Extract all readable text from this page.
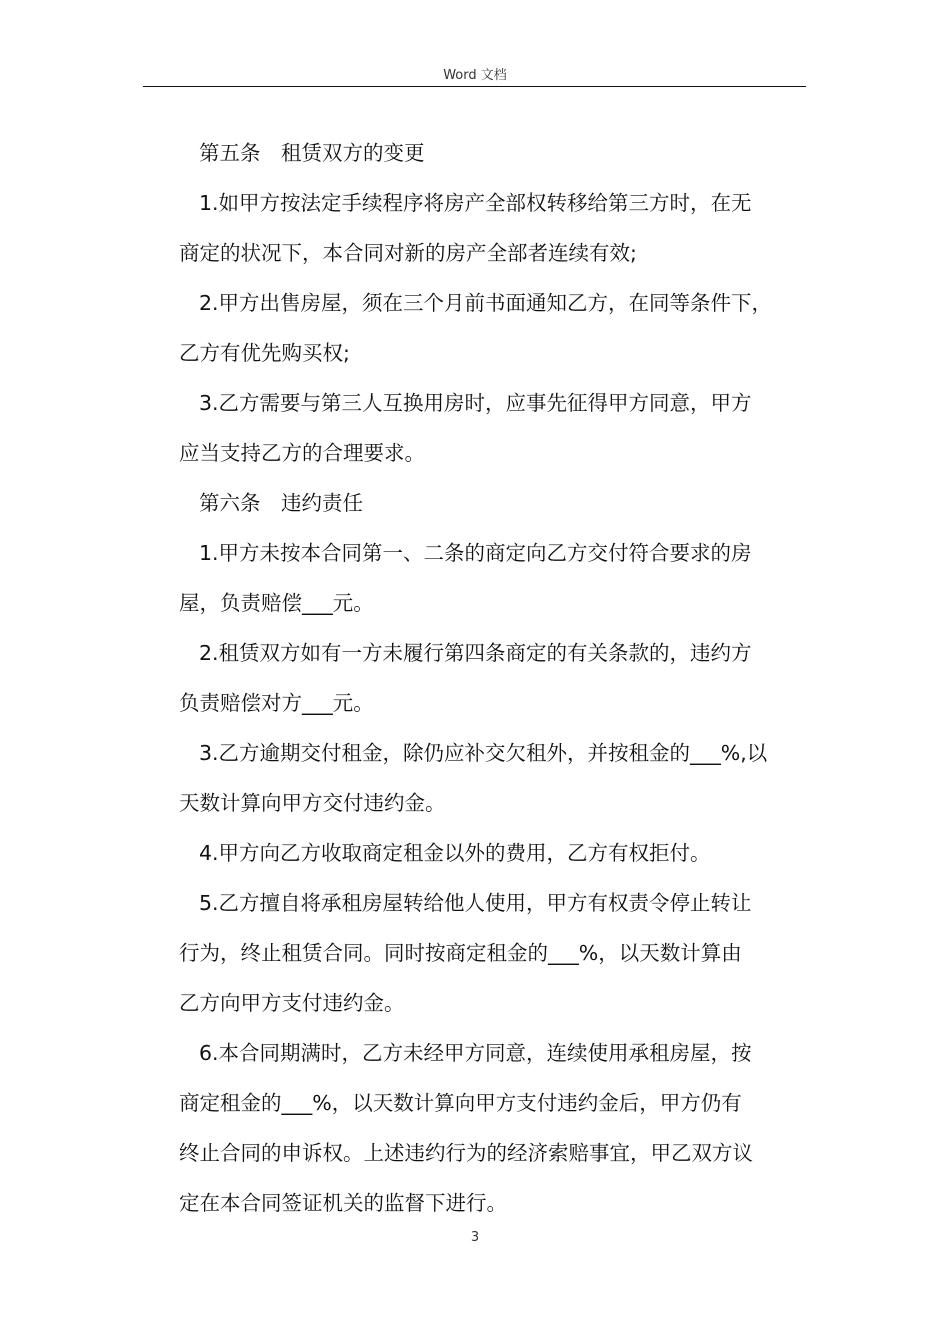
Word 文档
第五条　租赁双方的变更
1.如甲方按法定手续程序将房产全部权转移给第三方时，在无
商定的状况下，本合同对新的房产全部者连续有效;
2.甲方出售房屋，须在三个月前书面通知乙方，在同等条件下，
乙方有优先购买权;
3.乙方需要与第三人互换用房时，应事先征得甲方同意，甲方
应当支持乙方的合理要求。
第六条　违约责任
1.甲方未按本合同第一、二条的商定向乙方交付符合要求的房
屋，负责赔偿___元。
2.租赁双方如有一方未履行第四条商定的有关条款的，违约方
负责赔偿对方___元。
3.乙方逾期交付租金，除仍应补交欠租外，并按租金的___%,以
天数计算向甲方交付违约金。
4.甲方向乙方收取商定租金以外的费用，乙方有权拒付。
5.乙方擅自将承租房屋转给他人使用，甲方有权责令停止转让
行为，终止租赁合同。同时按商定租金的___%，以天数计算由
乙方向甲方支付违约金。
6.本合同期满时，乙方未经甲方同意，连续使用承租房屋，按
商定租金的___%，以天数计算向甲方支付违约金后，甲方仍有
终止合同的申诉权。上述违约行为的经济索赔事宜，甲乙双方议
定在本合同签证机关的监督下进行。
3
